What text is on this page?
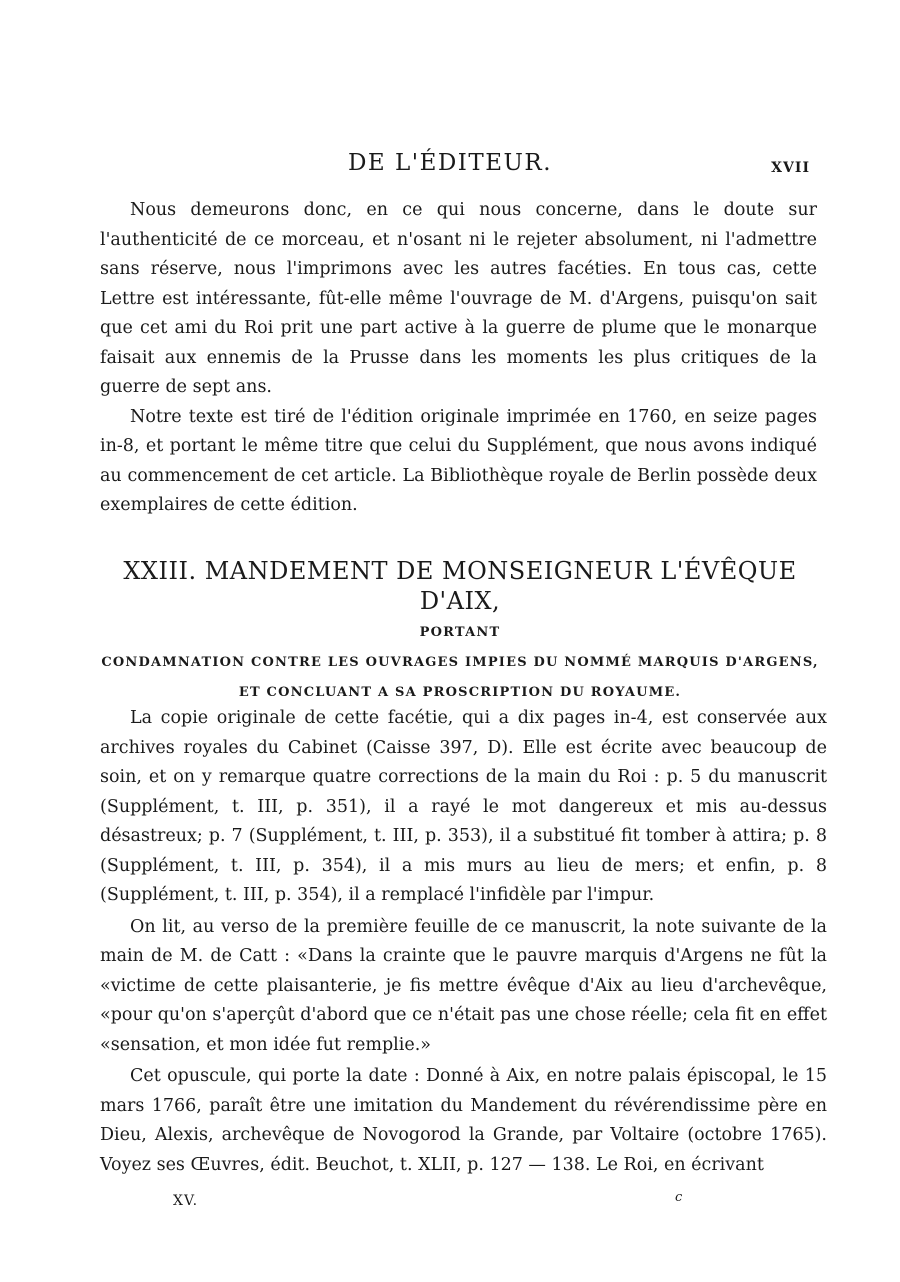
DE L'ÉDITEUR.	XVII

Nous demeurons donc, en ce qui nous concerne, dans le doute sur l'authenticité de ce morceau, et n'osant ni le rejeter absolument, ni l'admettre sans réserve, nous l'imprimons avec les autres facéties. En tous cas, cette Lettre est intéressante, fût-elle même l'ouvrage de M. d'Argens, puisqu'on sait que cet ami du Roi prit une part active à la guerre de plume que le monarque faisait aux ennemis de la Prusse dans les moments les plus critiques de la guerre de sept ans.

Notre texte est tiré de l'édition originale imprimée en 1760, en seize pages in-8, et portant le même titre que celui du Supplément, que nous avons indiqué au commencement de cet article. La Bibliothèque royale de Berlin possède deux exemplaires de cette édition.

XXIII. MANDEMENT DE MONSEIGNEUR L'ÉVÊQUE D'AIX,
PORTANT
CONDAMNATION CONTRE LES OUVRAGES IMPIES DU NOMMÉ MARQUIS D'ARGENS,
ET CONCLUANT A SA PROSCRIPTION DU ROYAUME.

La copie originale de cette facétie, qui a dix pages in-4, est conservée aux archives royales du Cabinet (Caisse 397, D). Elle est écrite avec beaucoup de soin, et on y remarque quatre corrections de la main du Roi : p. 5 du manuscrit (Supplément, t. III, p. 351), il a rayé le mot dangereux et mis au-dessus désastreux; p. 7 (Supplément, t. III, p. 353), il a substitué fit tomber à attira; p. 8 (Supplément, t. III, p. 354), il a mis murs au lieu de mers; et enfin, p. 8 (Supplément, t. III, p. 354), il a remplacé l'infidèle par l'impur.

On lit, au verso de la première feuille de ce manuscrit, la note suivante de la main de M. de Catt : «Dans la crainte que le pauvre marquis d'Argens ne fût la «victime de cette plaisanterie, je fis mettre évêque d'Aix au lieu d'archevêque, «pour qu'on s'aperçût d'abord que ce n'était pas une chose réelle; cela fit en effet «sensation, et mon idée fut remplie.»

Cet opuscule, qui porte la date : Donné à Aix, en notre palais épiscopal, le 15 mars 1766, paraît être une imitation du Mandement du révérendissime père en Dieu, Alexis, archevêque de Novogorod la Grande, par Voltaire (octobre 1765). Voyez ses Œuvres, édit. Beuchot, t. XLII, p. 127 — 138. Le Roi, en écrivant

XV.	c
